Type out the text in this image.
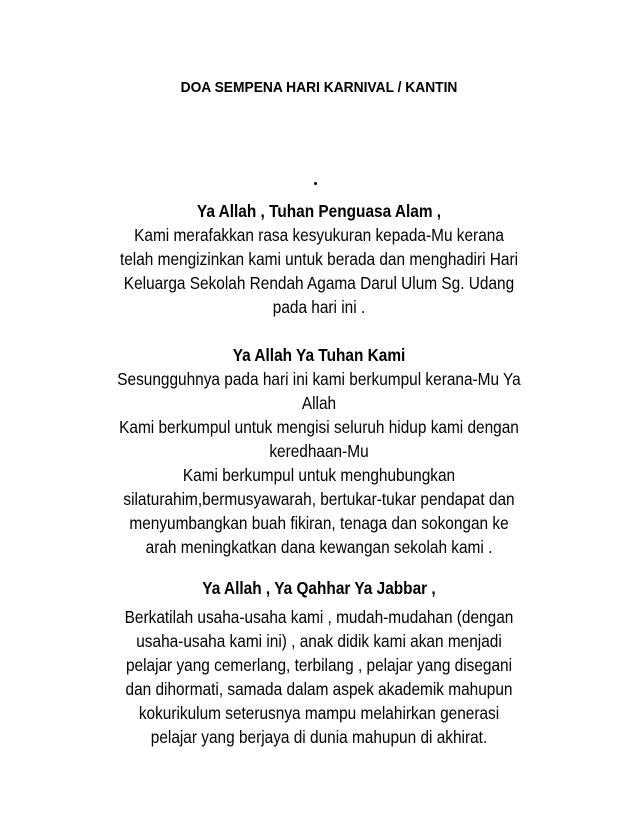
DOA SEMPENA HARI KARNIVAL / KANTIN
Ya Allah , Tuhan Penguasa Alam ,
Kami merafakkan rasa kesyukuran kepada-Mu kerana
telah mengizinkan kami untuk berada dan menghadiri Hari
Keluarga Sekolah Rendah Agama Darul Ulum Sg. Udang
pada hari ini .
Ya Allah Ya Tuhan Kami
Sesungguhnya pada hari ini kami berkumpul kerana-Mu Ya
Allah
Kami berkumpul untuk mengisi seluruh hidup kami dengan
keredhaan-Mu
Kami berkumpul untuk menghubungkan
silaturahim,bermusyawarah, bertukar-tukar pendapat dan
menyumbangkan buah fikiran, tenaga dan sokongan ke
arah meningkatkan dana kewangan sekolah kami .
Ya Allah , Ya Qahhar Ya Jabbar ,
Berkatilah usaha-usaha kami , mudah-mudahan (dengan
usaha-usaha kami ini) , anak didik kami akan menjadi
pelajar yang cemerlang, terbilang , pelajar yang disegani
dan dihormati, samada dalam aspek akademik mahupun
kokurikulum seterusnya mampu melahirkan generasi
pelajar yang berjaya di dunia mahupun di akhirat.
